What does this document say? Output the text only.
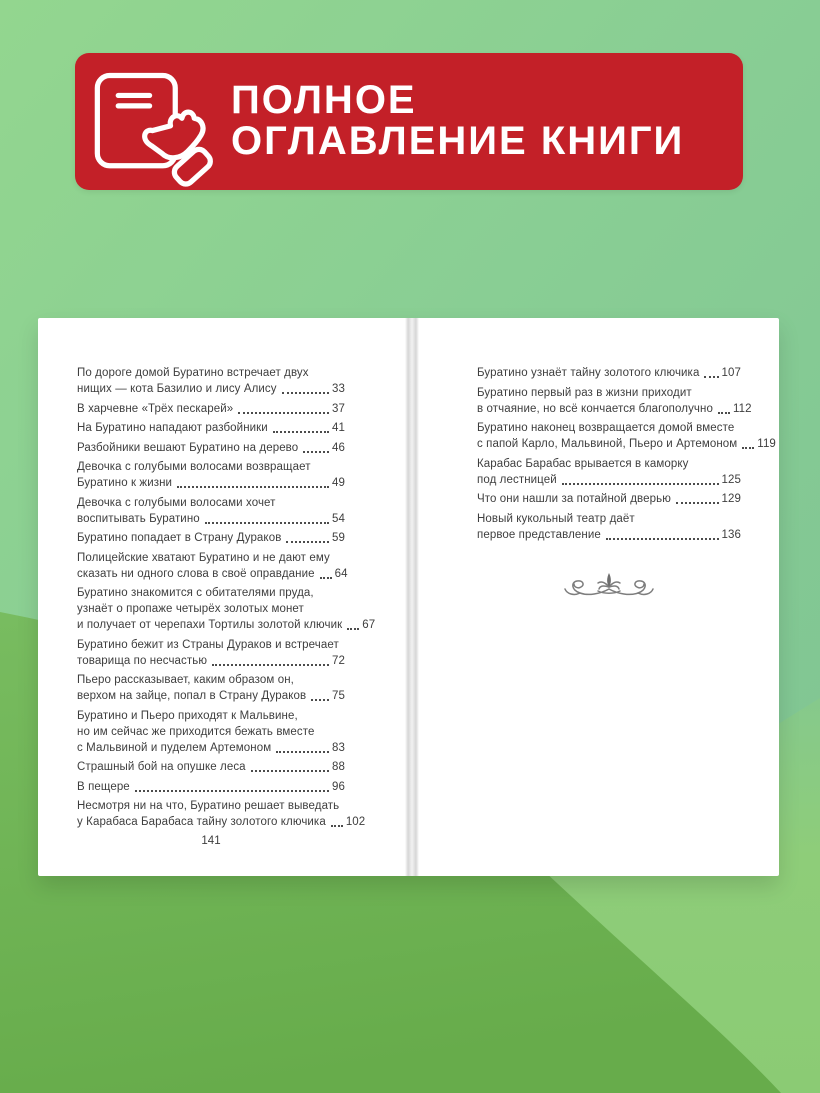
ПОЛНОЕ
ОГЛАВЛЕНИЕ КНИГИ
По дороге домой Буратино встречает двух
нищих — кота Базилио и лису Алису	33
В харчевне «Трёх пескарей»	37
На Буратино нападают разбойники	41
Разбойники вешают Буратино на дерево	46
Девочка с голубыми волосами возвращает
Буратино к жизни	49
Девочка с голубыми волосами хочет
воспитывать Буратино	54
Буратино попадает в Страну Дураков	59
Полицейские хватают Буратино и не дают ему
сказать ни одного слова в своё оправдание 64
Буратино знакомится с обитателями пруда,
узнаёт о пропаже четырёх золотых монет
и получает от черепахи Тортилы золотой ключик 67
Буратино бежит из Страны Дураков и встречает
товарища по несчастью	72
Пьеро рассказывает, каким образом он,
верхом на зайце, попал в Страну Дураков 75
Буратино и Пьеро приходят к Мальвине,
но им сейчас же приходится бежать вместе
с Мальвиной и пуделем Артемоном	83
Страшный бой на опушке леса	88
В пещере	96
Несмотря ни на что, Буратино решает выведать
у Карабаса Барабаса тайну золотого ключика 102
141
Буратино узнаёт тайну золотого ключика 107
Буратино первый раз в жизни приходит
в отчаяние, но всё кончается благополучно 112
Буратино наконец возвращается домой вместе
с папой Карло, Мальвиной, Пьеро и Артемоном 119
Карабас Барабас врывается в каморку
под лестницей	125
Что они нашли за потайной дверью	129
Новый кукольный театр даёт
первое представление	136
